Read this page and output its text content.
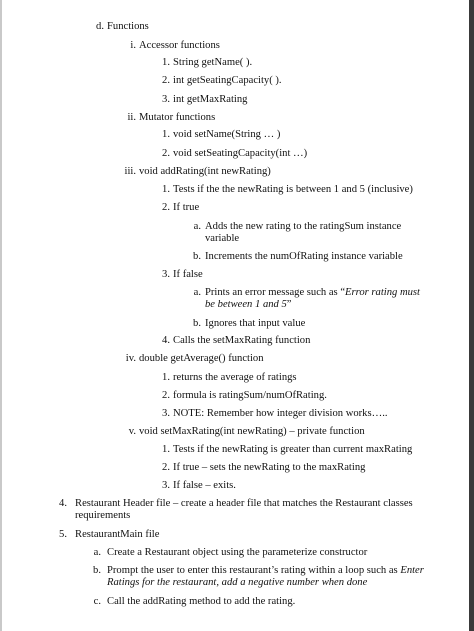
d. Functions
i. Accessor functions
1. String getName( ).
2. int getSeatingCapacity( ).
3. int getMaxRating
ii. Mutator functions
1. void setName(String … )
2. void setSeatingCapacity(int …)
iii. void addRating(int newRating)
1. Tests if the the newRating is between 1 and 5 (inclusive)
2. If true
a. Adds the new rating to the ratingSum instance
variable
b. Increments the numOfRating instance variable
3. If false
a. Prints an error message such as “Error rating must
be between 1 and 5”
b. Ignores that input value
4. Calls the setMaxRating function
iv. double getAverage() function
1. returns the average of ratings
2. formula is ratingSum/numOfRating.
3. NOTE: Remember how integer division works…..
v. void setMaxRating(int newRating) – private function
1. Tests if the newRating is greater than current maxRating
2. If true – sets the newRating to the maxRating
3. If false – exits.
4. Restaurant Header file – create a header file that matches the Restaurant classes
requirements
5. RestaurantMain file
a. Create a Restaurant object using the parameterize constructor
b. Prompt the user to enter this restaurant’s rating within a loop such as Enter
Ratings for the restaurant, add a negative number when done
c. Call the addRating method to add the rating.
